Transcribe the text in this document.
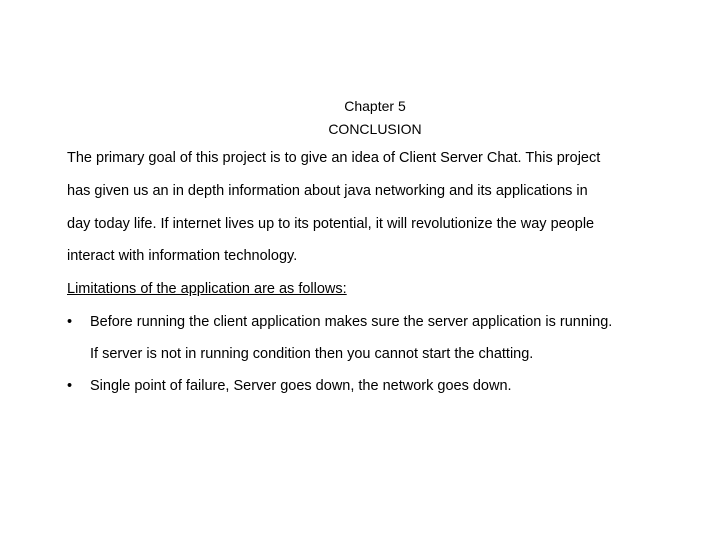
Chapter 5
CONCLUSION
The primary goal of this project is to give an idea of Client Server Chat. This project
has given us an in depth information about java networking and its applications in
day today life. If internet lives up to its potential, it will revolutionize the way people
interact with information technology.
Limitations of the application are as follows:
•	Before running the client application makes sure the server application is running.
If server is not in running condition then you cannot start the chatting.
•	Single point of failure, Server goes down, the network goes down.
